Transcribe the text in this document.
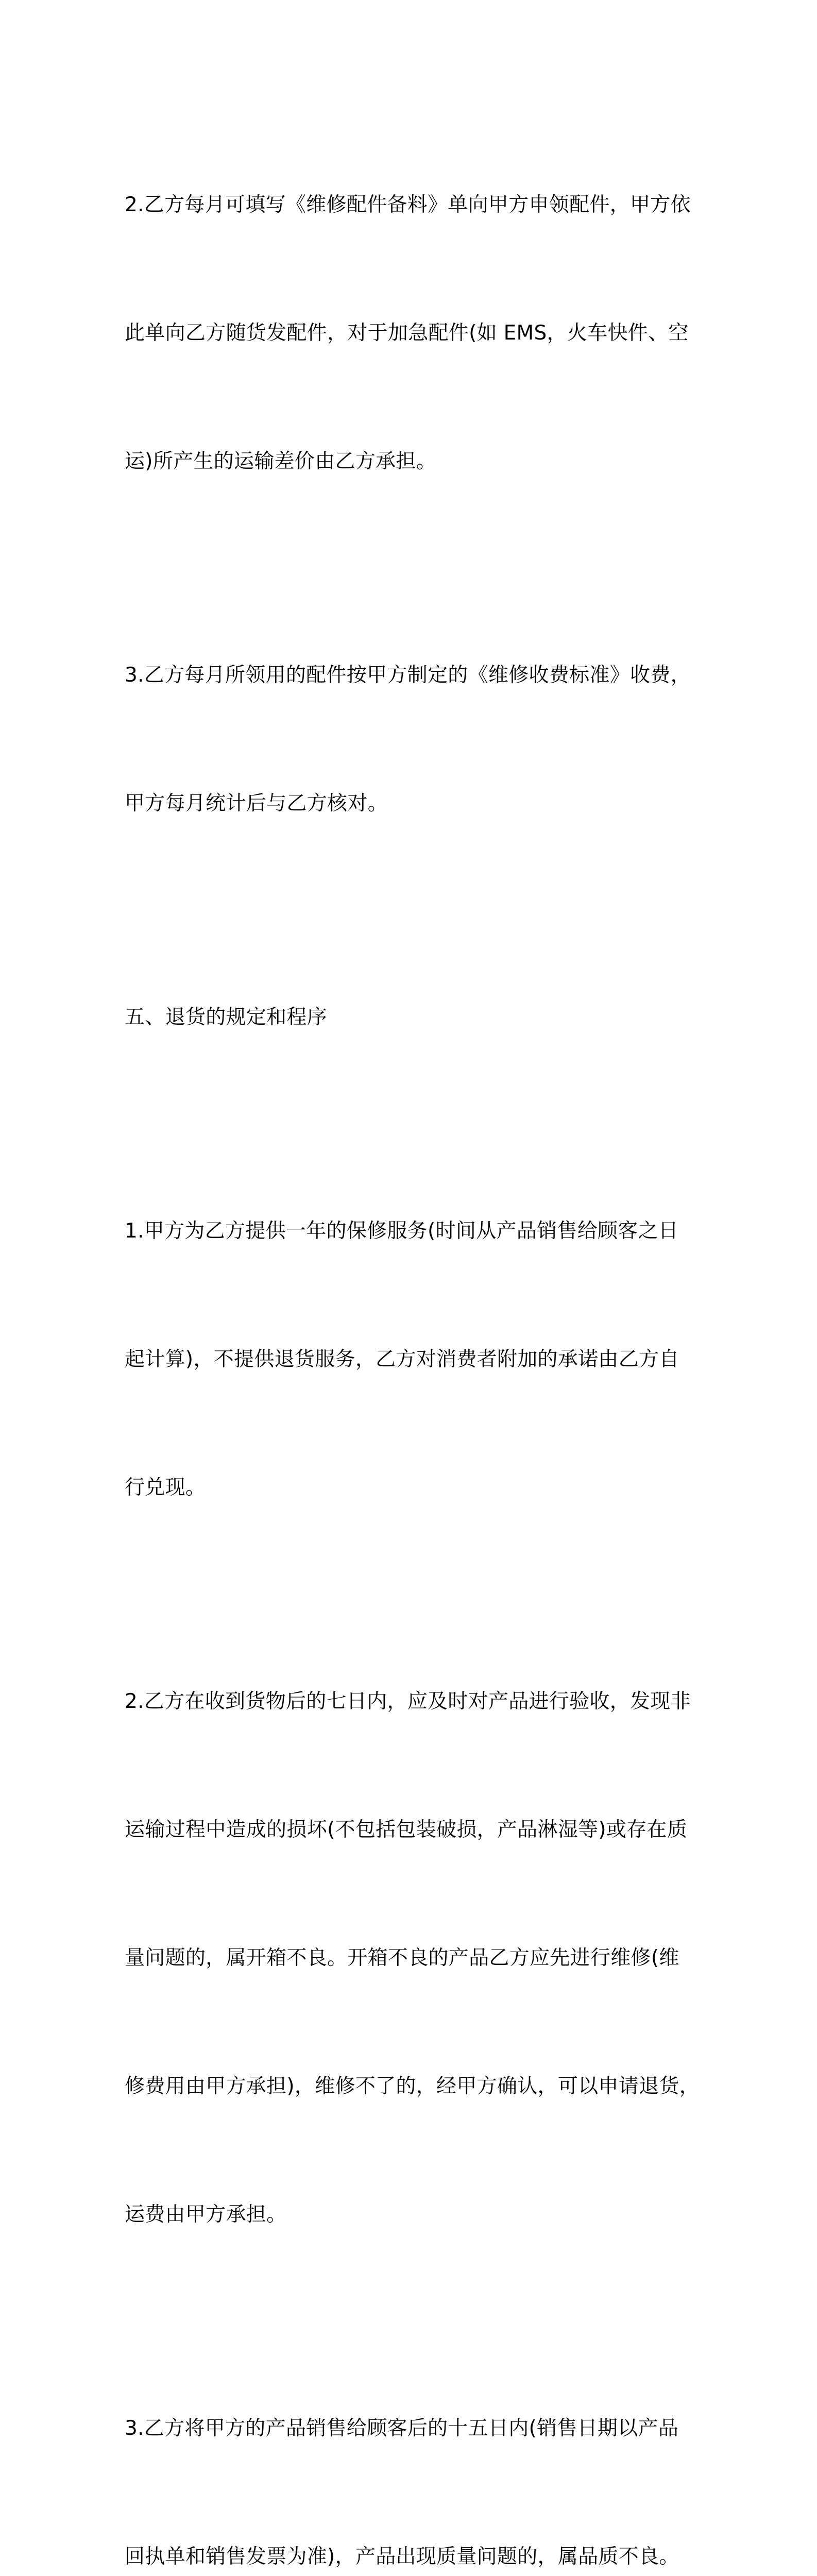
2.乙方每月可填写《维修配件备料》单向甲方申领配件，甲方依

此单向乙方随货发配件，对于加急配件(如 EMS，火车快件、空

运)所产生的运输差价由乙方承担。

3.乙方每月所领用的配件按甲方制定的《维修收费标准》收费，

甲方每月统计后与乙方核对。

五、退货的规定和程序

1.甲方为乙方提供一年的保修服务(时间从产品销售给顾客之日

起计算)，不提供退货服务，乙方对消费者附加的承诺由乙方自

行兑现。

2.乙方在收到货物后的七日内，应及时对产品进行验收，发现非

运输过程中造成的损坏(不包括包装破损，产品淋湿等)或存在质

量问题的，属开箱不良。开箱不良的产品乙方应先进行维修(维

修费用由甲方承担)，维修不了的，经甲方确认，可以申请退货，

运费由甲方承担。

3.乙方将甲方的产品销售给顾客后的十五日内(销售日期以产品

回执单和销售发票为准)，产品出现质量问题的，属品质不良。
